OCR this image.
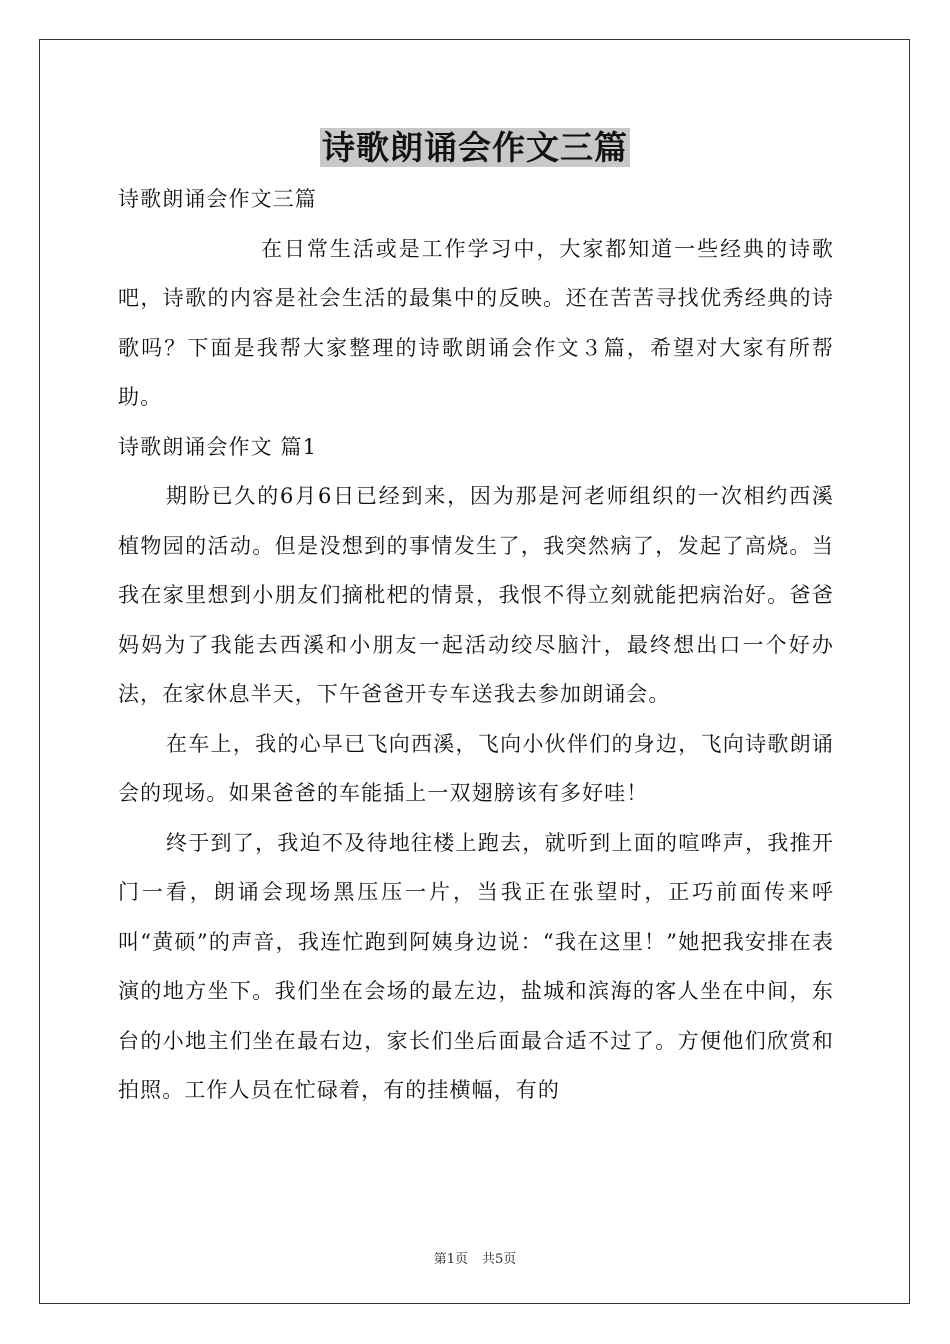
诗歌朗诵会作文三篇

诗歌朗诵会作文三篇

在日常生活或是工作学习中，大家都知道一些经典的诗歌吧，诗歌的内容是社会生活的最集中的反映。还在苦苦寻找优秀经典的诗歌吗？下面是我帮大家整理的诗歌朗诵会作文３篇，希望对大家有所帮助。

诗歌朗诵会作文 篇1

期盼已久的6月6日已经到来，因为那是河老师组织的一次相约西溪植物园的活动。但是没想到的事情发生了，我突然病了，发起了高烧。当我在家里想到小朋友们摘枇杷的情景，我恨不得立刻就能把病治好。爸爸妈妈为了我能去西溪和小朋友一起活动绞尽脑汁，最终想出口一个好办法，在家休息半天，下午爸爸开专车送我去参加朗诵会。

在车上，我的心早已飞向西溪，飞向小伙伴们的身边，飞向诗歌朗诵会的现场。如果爸爸的车能插上一双翅膀该有多好哇！

终于到了，我迫不及待地往楼上跑去，就听到上面的喧哗声，我推开门一看，朗诵会现场黑压压一片，当我正在张望时，正巧前面传来呼叫“黄硕”的声音，我连忙跑到阿姨身边说：“我在这里！”她把我安排在表演的地方坐下。我们坐在会场的最左边，盐城和滨海的客人坐在中间，东台的小地主们坐在最右边，家长们坐后面最合适不过了。方便他们欣赏和拍照。工作人员在忙碌着，有的挂横幅，有的

第1页 共5页
